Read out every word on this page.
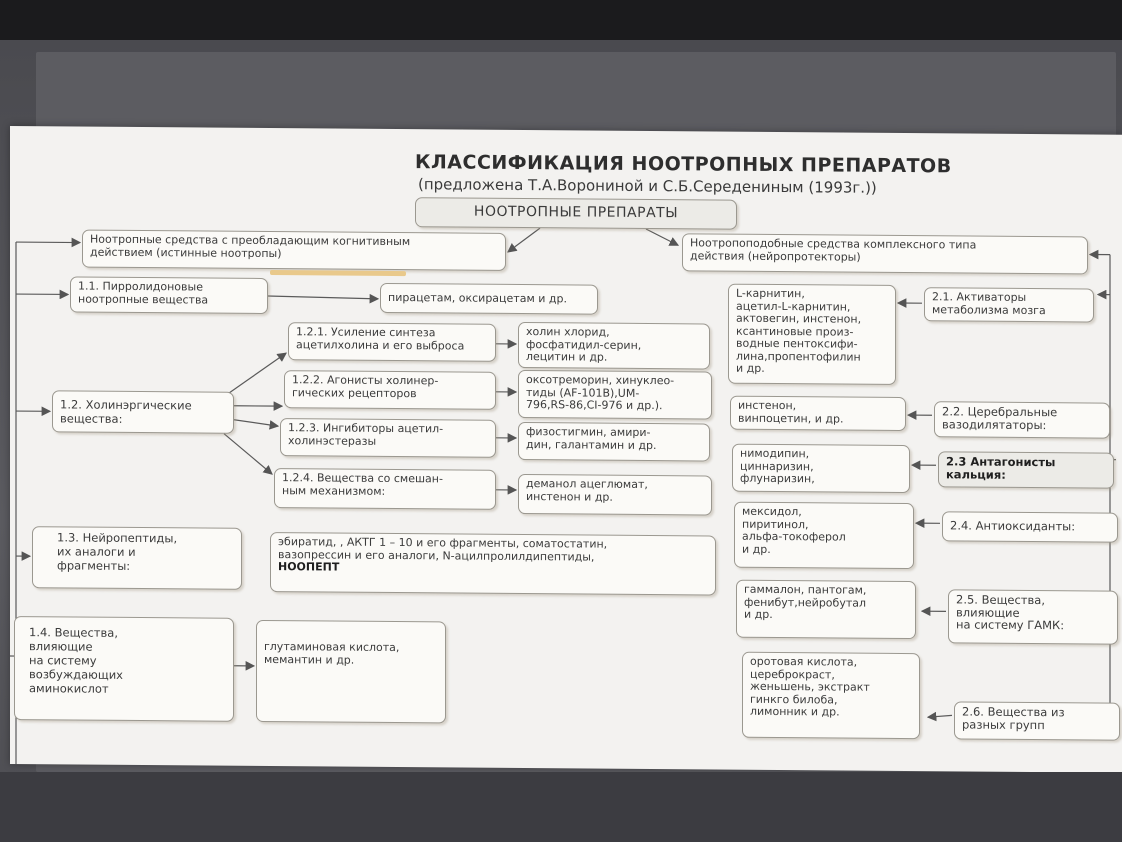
КЛАССИФИКАЦИЯ НООТРОПНЫХ ПРЕПАРАТОВ
(предложена Т.А.Ворониной и С.Б.Середениным (1993г.))
НООТРОПНЫЕ ПРЕПАРАТЫ
Ноотропные средства с преобладающим когнитивным
действием (истинные ноотропы)
1.1. Пирролидоновые
ноотропные вещества	пирацетам, оксирацетам и др.
1.2. Холинэргические
вещества:
1.2.1. Усиление синтеза
ацетилхолина и его выброса
холин хлорид,
фосфатидил-серин,
лецитин и др.
1.2.2. Агонисты холинер-
гических рецепторов
оксотреморин, хинуклео-
тиды (AF-101B),UM-
796,RS-86,CI-976 и др.).
1.2.3. Ингибиторы ацетил-
холинэстеразы
физостигмин, амири-
дин, галантамин и др.
1.2.4. Вещества со смешан-
ным механизмом:
деманол ацеглюмат,
инстенон и др.
1.3. Нейропептиды,
их аналоги и
фрагменты:
эбиратид, , АКТГ 1 – 10 и его фрагменты, соматостатин,
вазопрессин и его аналоги, N-ацилпролилдипептиды,
НООПЕПТ
1.4. Вещества,
влияющие
на систему
возбуждающих
аминокислот
глутаминовая кислота,
мемантин и др.
Ноотропоподобные средства комплексного типа
действия (нейропротекторы)
L-карнитин,
ацетил-L-карнитин,
актовегин, инстенон,
ксантиновые произ-
водные пентоксифи-
лина,пропентофилин
и др.
2.1. Активаторы
метаболизма мозга
инстенон,
винпоцетин, и др.	2.2. Церебральные
вазодилятаторы:
нимодипин,
циннаризин,
флунаризин,
2.3 Антагонисты
кальция:
мексидол,
пиритинол,
альфа-токоферол
и др.
2.4. Антиоксиданты:
гаммалон, пантогам,
фенибут,нейробутал
и др.
2.5. Вещества,
влияющие
на систему ГАМК:
оротовая кислота,
цереброкраст,
женьшень, экстракт
гинкго билоба,
лимонник и др.	2.6. Вещества из
разных групп
